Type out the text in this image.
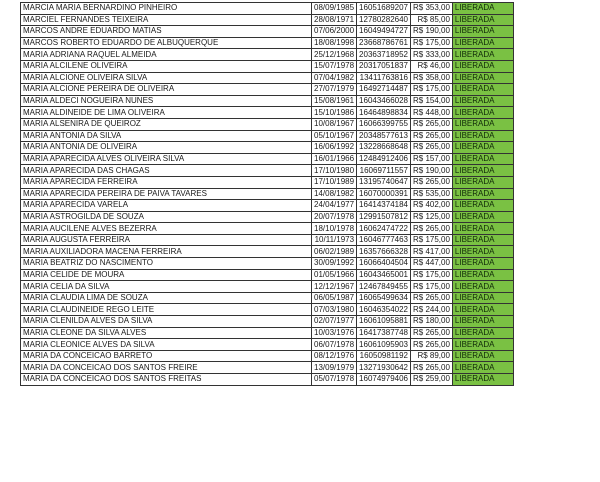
MARCIA MARIA BERNARDINO PINHEIRO	08/09/1985	16051689207	R$ 353,00	LIBERADA
MARCIEL FERNANDES TEIXEIRA	28/08/1971	12780282640	R$ 85,00	LIBERADA
MARCOS ANDRE EDUARDO MATIAS	07/06/2000	16049494727	R$ 190,00	LIBERADA
MARCOS ROBERTO EDUARDO DE ALBUQUERQUE	18/08/1998	23668786761	R$ 175,00	LIBERADA
MARIA ADRIANA RAQUEL ALMEIDA	25/12/1968	20363718952	R$ 333,00	LIBERADA
MARIA ALCILENE OLIVEIRA	15/07/1978	20317051837	R$ 46,00	LIBERADA
MARIA ALCIONE OLIVEIRA SILVA	07/04/1982	13411763816	R$ 358,00	LIBERADA
MARIA ALCIONE PEREIRA DE OLIVEIRA	27/07/1979	16492714487	R$ 175,00	LIBERADA
MARIA ALDECI NOGUEIRA NUNES	15/08/1961	16043466028	R$ 154,00	LIBERADA
MARIA ALDINEIDE DE LIMA OLIVEIRA	15/10/1986	16464898834	R$ 448,00	LIBERADA
MARIA ALSENIRA DE QUEIROZ	10/08/1967	16066399755	R$ 265,00	LIBERADA
MARIA ANTONIA DA SILVA	05/10/1967	20348577613	R$ 265,00	LIBERADA
MARIA ANTONIA DE OLIVEIRA	16/06/1992	13228668648	R$ 265,00	LIBERADA
MARIA APARECIDA ALVES OLIVEIRA SILVA	16/01/1966	12484912406	R$ 157,00	LIBERADA
MARIA APARECIDA DAS CHAGAS	17/10/1980	16069711557	R$ 190,00	LIBERADA
MARIA APARECIDA FERREIRA	17/10/1989	13195740647	R$ 265,00	LIBERADA
MARIA APARECIDA PEREIRA DE PAIVA TAVARES	14/08/1982	16070000391	R$ 535,00	LIBERADA
MARIA APARECIDA VARELA	24/04/1977	16414374184	R$ 402,00	LIBERADA
MARIA ASTROGILDA DE SOUZA	20/07/1978	12991507812	R$ 125,00	LIBERADA
MARIA AUCILENE ALVES BEZERRA	18/10/1978	16062474722	R$ 265,00	LIBERADA
MARIA AUGUSTA FERREIRA	10/11/1973	16046777463	R$ 175,00	LIBERADA
MARIA AUXILIADORA MACENA FERREIRA	06/02/1989	16357666328	R$ 417,00	LIBERADA
MARIA BEATRIZ DO NASCIMENTO	30/09/1992	16066404504	R$ 447,00	LIBERADA
MARIA CELIDE DE MOURA	01/05/1966	16043465001	R$ 175,00	LIBERADA
MARIA CELIA DA SILVA	12/12/1967	12467849455	R$ 175,00	LIBERADA
MARIA CLAUDIA LIMA DE SOUZA	06/05/1987	16065499634	R$ 265,00	LIBERADA
MARIA CLAUDINEIDE REGO LEITE	07/03/1980	16046354022	R$ 244,00	LIBERADA
MARIA CLENILDA ALVES DA SILVA	02/07/1977	16061095881	R$ 180,00	LIBERADA
MARIA CLEONE DA SILVA ALVES	10/03/1976	16417387748	R$ 265,00	LIBERADA
MARIA CLEONICE ALVES DA SILVA	06/07/1978	16061095903	R$ 265,00	LIBERADA
MARIA DA CONCEICAO BARRETO	08/12/1976	16050981192	R$ 89,00	LIBERADA
MARIA DA CONCEICAO DOS SANTOS FREIRE	13/09/1979	13271930642	R$ 265,00	LIBERADA
MARIA DA CONCEICAO DOS SANTOS FREITAS	05/07/1978	16074979406	R$ 259,00	LIBERADA
